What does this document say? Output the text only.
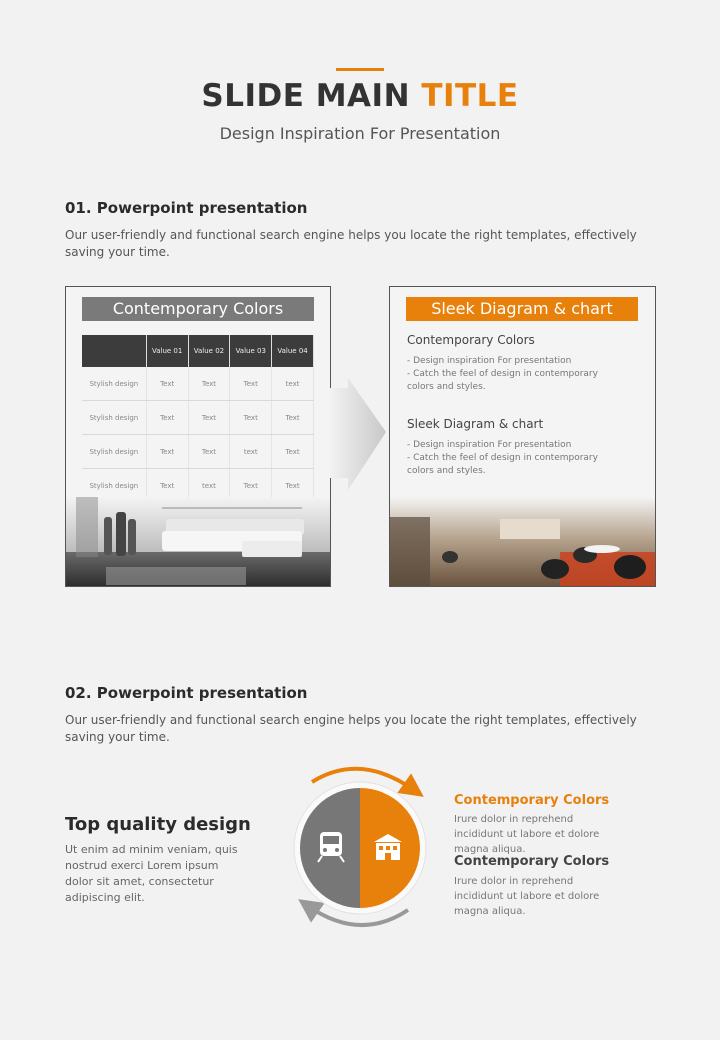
SLIDE MAIN TITLE
Design Inspiration For Presentation
01. Powerpoint presentation
Our user-friendly and functional search engine helps you locate the right templates, effectively saving your time.
Contemporary Colors
	Value 01	Value 02	Value 03	Value 04
Stylish design	Text	Text	Text	text
Stylish design	Text	Text	Text	Text
Stylish design	Text	Text	text	Text
Stylish design	Text	text	Text	Text
Sleek Diagram & chart
Contemporary Colors
- Design inspiration For presentation
- Catch the feel of design in contemporary colors and styles.
Sleek Diagram & chart
- Design inspiration For presentation
- Catch the feel of design in contemporary colors and styles.
02. Powerpoint presentation
Our user-friendly and functional search engine helps you locate the right templates, effectively saving your time.
Top quality design
Ut enim ad minim veniam, quis nostrud exerci Lorem ipsum dolor sit amet, consectetur adipiscing elit.
Contemporary Colors
Irure dolor in reprehend incididunt ut labore et dolore magna aliqua.
Contemporary Colors
Irure dolor in reprehend incididunt ut labore et dolore magna aliqua.
